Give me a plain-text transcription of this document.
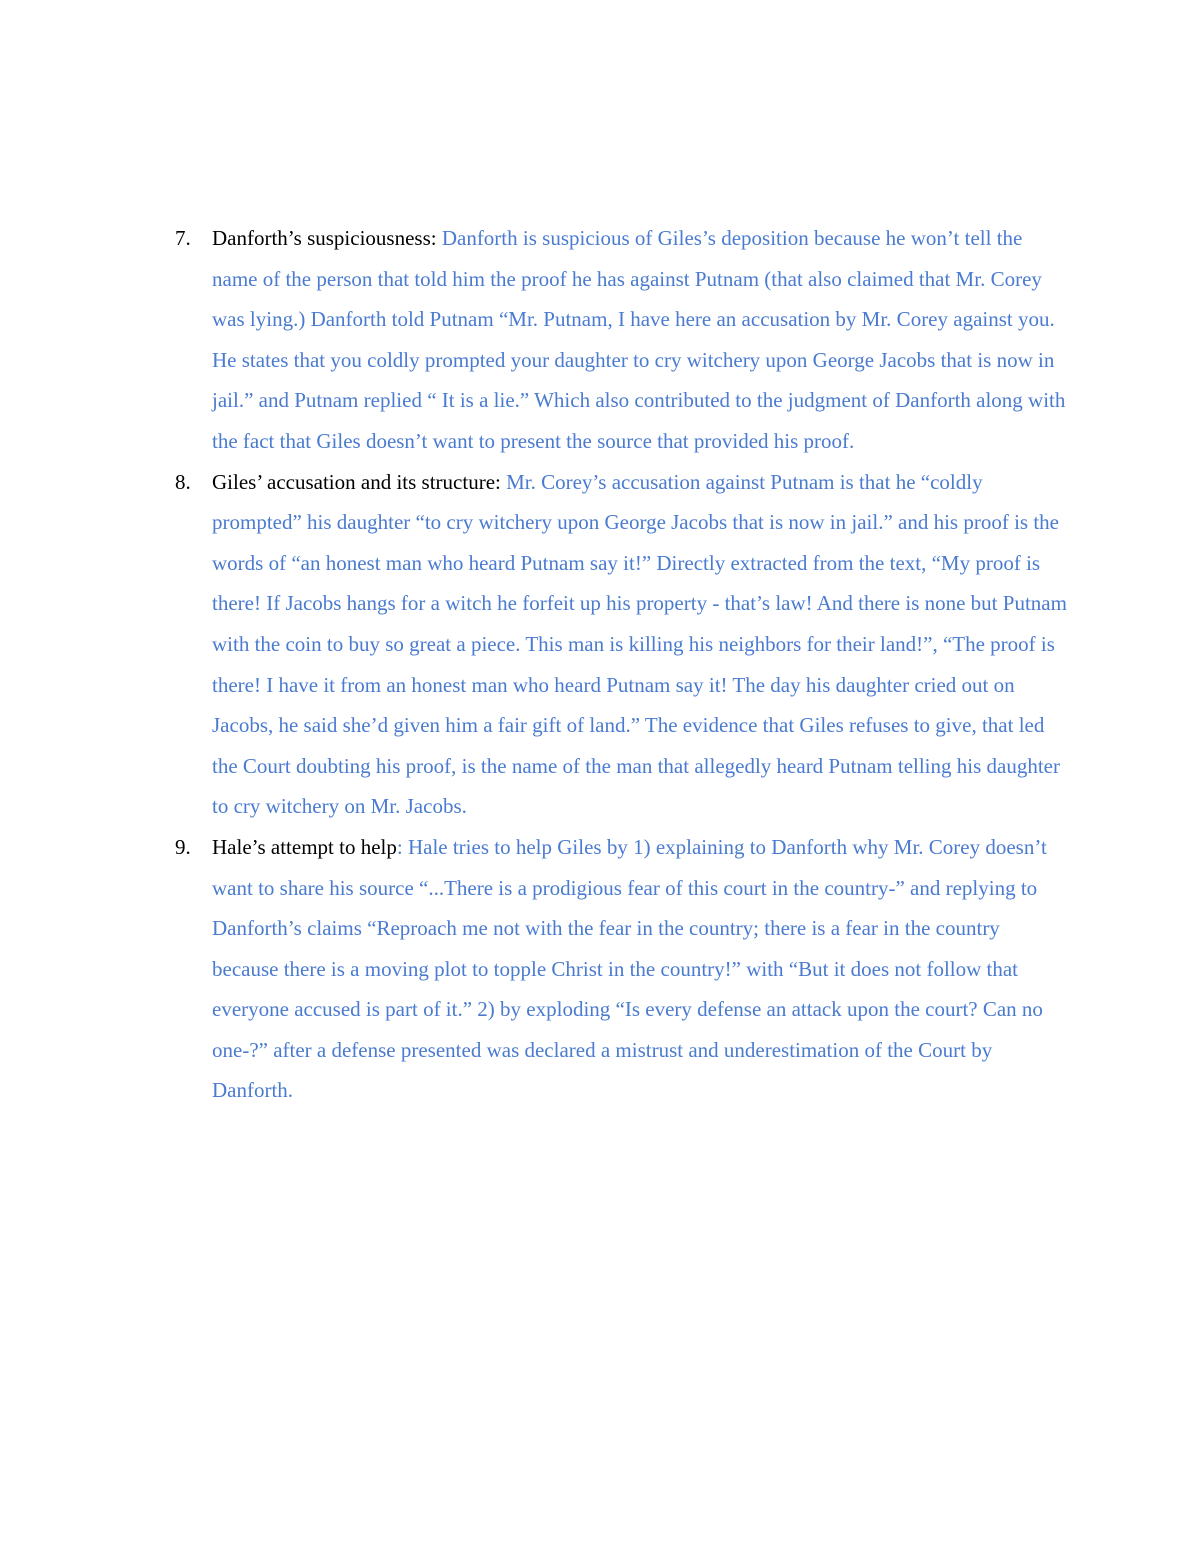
7. Danforth’s suspiciousness: Danforth is suspicious of Giles’s deposition because he won’t tell the name of the person that told him the proof he has against Putnam (that also claimed that Mr. Corey was lying.) Danforth told Putnam “Mr. Putnam, I have here an accusation by Mr. Corey against you. He states that you coldly prompted your daughter to cry witchery upon George Jacobs that is now in jail.” and Putnam replied “ It is a lie.” Which also contributed to the judgment of Danforth along with the fact that Giles doesn’t want to present the source that provided his proof.
8. Giles’ accusation and its structure: Mr. Corey’s accusation against Putnam is that he “coldly prompted” his daughter “to cry witchery upon George Jacobs that is now in jail.” and his proof is the words of “an honest man who heard Putnam say it!” Directly extracted from the text, “My proof is there! If Jacobs hangs for a witch he forfeit up his property - that’s law! And there is none but Putnam with the coin to buy so great a piece. This man is killing his neighbors for their land!”, “The proof is there! I have it from an honest man who heard Putnam say it! The day his daughter cried out on Jacobs, he said she’d given him a fair gift of land.” The evidence that Giles refuses to give, that led the Court doubting his proof, is the name of the man that allegedly heard Putnam telling his daughter to cry witchery on Mr. Jacobs.
9. Hale’s attempt to help: Hale tries to help Giles by 1) explaining to Danforth why Mr. Corey doesn’t want to share his source “...There is a prodigious fear of this court in the country-” and replying to Danforth’s claims “Reproach me not with the fear in the country; there is a fear in the country because there is a moving plot to topple Christ in the country!” with “But it does not follow that everyone accused is part of it.” 2) by exploding “Is every defense an attack upon the court? Can no one-?” after a defense presented was declared a mistrust and underestimation of the Court by Danforth.
